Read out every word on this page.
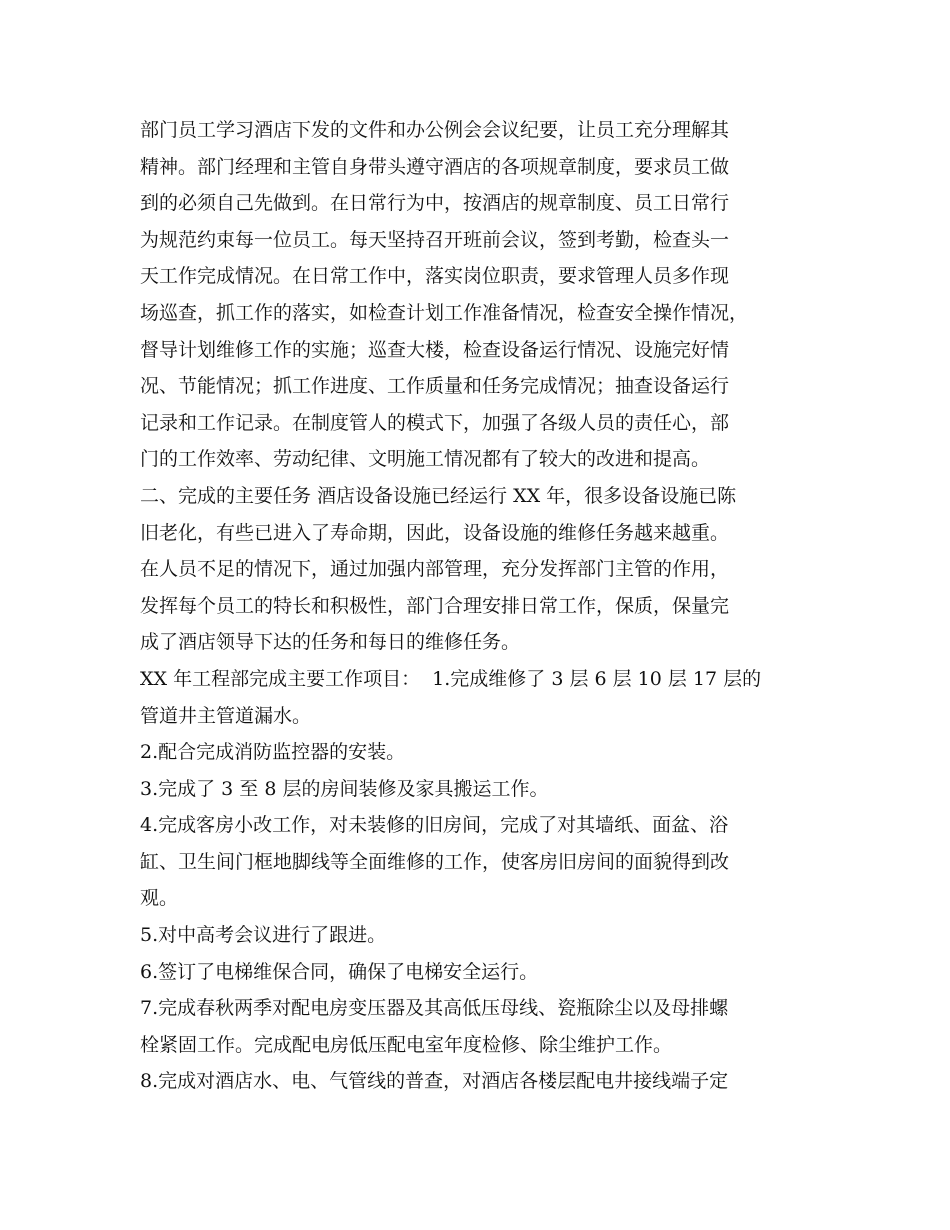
部门员工学习酒店下发的文件和办公例会会议纪要，让员工充分理解其
精神。部门经理和主管自身带头遵守酒店的各项规章制度，要求员工做
到的必须自己先做到。在日常行为中，按酒店的规章制度、员工日常行
为规范约束每一位员工。每天坚持召开班前会议，签到考勤，检查头一
天工作完成情况。在日常工作中，落实岗位职责，要求管理人员多作现
场巡查，抓工作的落实，如检查计划工作准备情况，检查安全操作情况，
督导计划维修工作的实施；巡查大楼，检查设备运行情况、设施完好情
况、节能情况；抓工作进度、工作质量和任务完成情况；抽查设备运行
记录和工作记录。在制度管人的模式下，加强了各级人员的责任心，部
门的工作效率、劳动纪律、文明施工情况都有了较大的改进和提高。
二、完成的主要任务 酒店设备设施已经运行 XX 年，很多设备设施已陈
旧老化，有些已进入了寿命期，因此，设备设施的维修任务越来越重。
在人员不足的情况下，通过加强内部管理，充分发挥部门主管的作用，
发挥每个员工的特长和积极性，部门合理安排日常工作，保质，保量完
成了酒店领导下达的任务和每日的维修任务。
XX 年工程部完成主要工作项目：  1.完成维修了 3 层 6 层 10 层 17 层的
管道井主管道漏水。
2.配合完成消防监控器的安装。
3.完成了 3 至 8 层的房间装修及家具搬运工作。
4.完成客房小改工作，对未装修的旧房间，完成了对其墙纸、面盆、浴
缸、卫生间门框地脚线等全面维修的工作，使客房旧房间的面貌得到改
观。
5.对中高考会议进行了跟进。
6.签订了电梯维保合同，确保了电梯安全运行。
7.完成春秋两季对配电房变压器及其高低压母线、瓷瓶除尘以及母排螺
栓紧固工作。完成配电房低压配电室年度检修、除尘维护工作。
8.完成对酒店水、电、气管线的普查，对酒店各楼层配电井接线端子定
